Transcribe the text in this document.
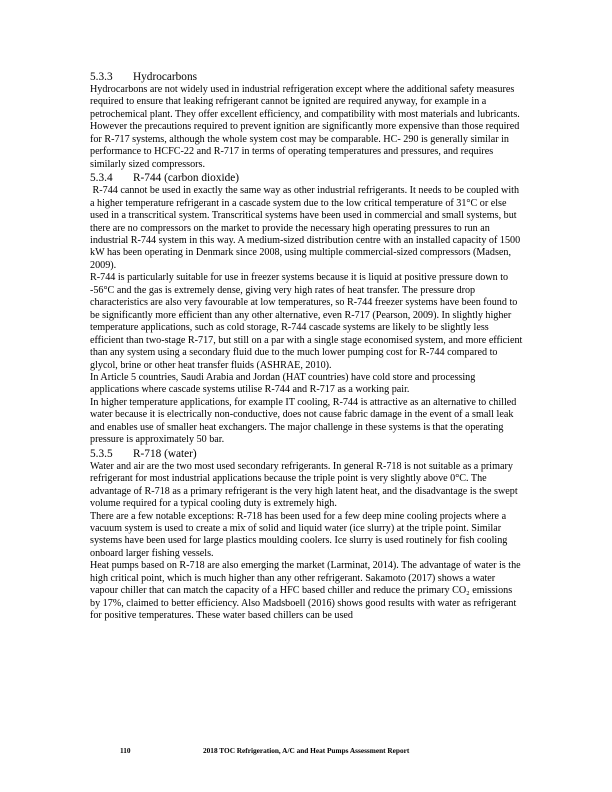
5.3.3 Hydrocarbons

Hydrocarbons are not widely used in industrial refrigeration except where the additional safety measures required to ensure that leaking refrigerant cannot be ignited are required anyway, for example in a petrochemical plant. They offer excellent efficiency, and compatibility with most materials and lubricants. However the precautions required to prevent ignition are significantly more expensive than those required for R-717 systems, although the whole system cost may be comparable. HC- 290 is generally similar in performance to HCFC-22 and R-717 in terms of operating temperatures and pressures, and requires similarly sized compressors.

5.3.4 R-744 (carbon dioxide)

R-744 cannot be used in exactly the same way as other industrial refrigerants. It needs to be coupled with a higher temperature refrigerant in a cascade system due to the low critical temperature of 31°C or else used in a transcritical system. Transcritical systems have been used in commercial and small systems, but there are no compressors on the market to provide the necessary high operating pressures to run an industrial R-744 system in this way. A medium-sized distribution centre with an installed capacity of 1500 kW has been operating in Denmark since 2008, using multiple commercial-sized compressors (Madsen, 2009).

R-744 is particularly suitable for use in freezer systems because it is liquid at positive pressure down to -56°C and the gas is extremely dense, giving very high rates of heat transfer. The pressure drop characteristics are also very favourable at low temperatures, so R-744 freezer systems have been found to be significantly more efficient than any other alternative, even R-717 (Pearson, 2009). In slightly higher temperature applications, such as cold storage, R-744 cascade systems are likely to be slightly less efficient than two-stage R-717, but still on a par with a single stage economised system, and more efficient than any system using a secondary fluid due to the much lower pumping cost for R-744 compared to glycol, brine or other heat transfer fluids (ASHRAE, 2010).

In Article 5 countries, Saudi Arabia and Jordan (HAT countries) have cold store and processing applications where cascade systems utilise R-744 and R-717 as a working pair.

In higher temperature applications, for example IT cooling, R-744 is attractive as an alternative to chilled water because it is electrically non-conductive, does not cause fabric damage in the event of a small leak and enables use of smaller heat exchangers. The major challenge in these systems is that the operating pressure is approximately 50 bar.

5.3.5 R-718 (water)

Water and air are the two most used secondary refrigerants. In general R-718 is not suitable as a primary refrigerant for most industrial applications because the triple point is very slightly above 0°C. The advantage of R-718 as a primary refrigerant is the very high latent heat, and the disadvantage is the swept volume required for a typical cooling duty is extremely high.

There are a few notable exceptions: R-718 has been used for a few deep mine cooling projects where a vacuum system is used to create a mix of solid and liquid water (ice slurry) at the triple point. Similar systems have been used for large plastics moulding coolers. Ice slurry is used routinely for fish cooling onboard larger fishing vessels.

Heat pumps based on R-718 are also emerging the market (Larminat, 2014). The advantage of water is the high critical point, which is much higher than any other refrigerant. Sakamoto (2017) shows a water vapour chiller that can match the capacity of a HFC based chiller and reduce the primary CO₂ emissions by 17%, claimed to better efficiency. Also Madsboell (2016) shows good results with water as refrigerant for positive temperatures. These water based chillers can be used

110	2018 TOC Refrigeration, A/C and Heat Pumps Assessment Report
